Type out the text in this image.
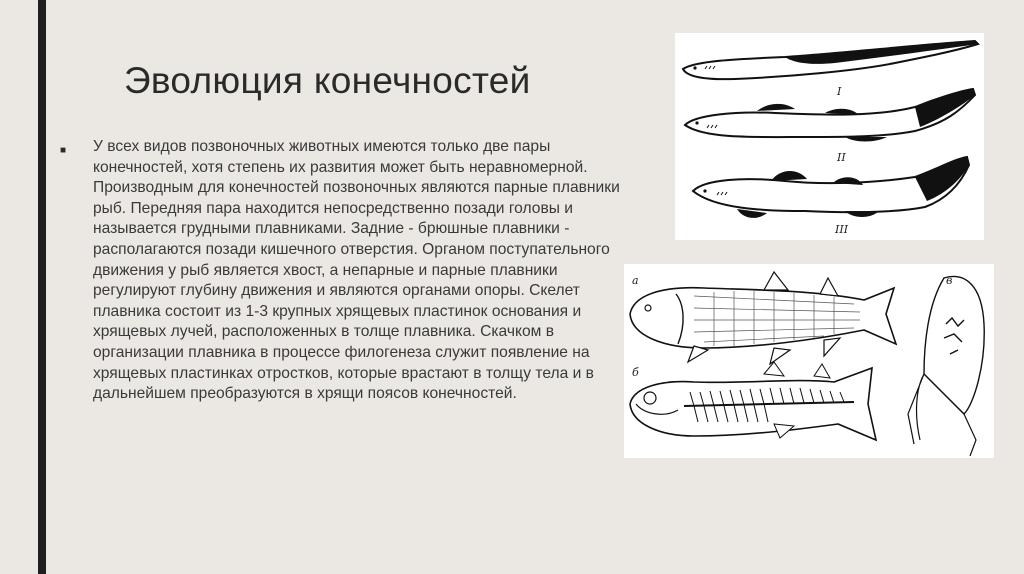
Эволюция конечностей
■ У всех видов позвоночных животных имеются только две пары конечностей, хотя степень их развития может быть неравномерной. Производным для конечностей позвоночных являются парные плавники рыб. Передняя пара находится непосредственно позади головы и называется грудными плавниками. Задние - брюшные плавники - располагаются позади кишечного отверстия. Органом поступательного движения у рыб является хвост, а непарные и парные плавники регулируют глубину движения и являются органами опоры. Скелет плавника состоит из 1-3 крупных хрящевых пластинок основания и хрящевых лучей, расположенных в толще плавника. Скачком в организации плавника в процессе филогенеза служит появление на хрящевых пластинках отростков, которые врастают в толщу тела и в дальнейшем преобразуются в хрящи поясов конечностей.
I
II
III
а
б
в
